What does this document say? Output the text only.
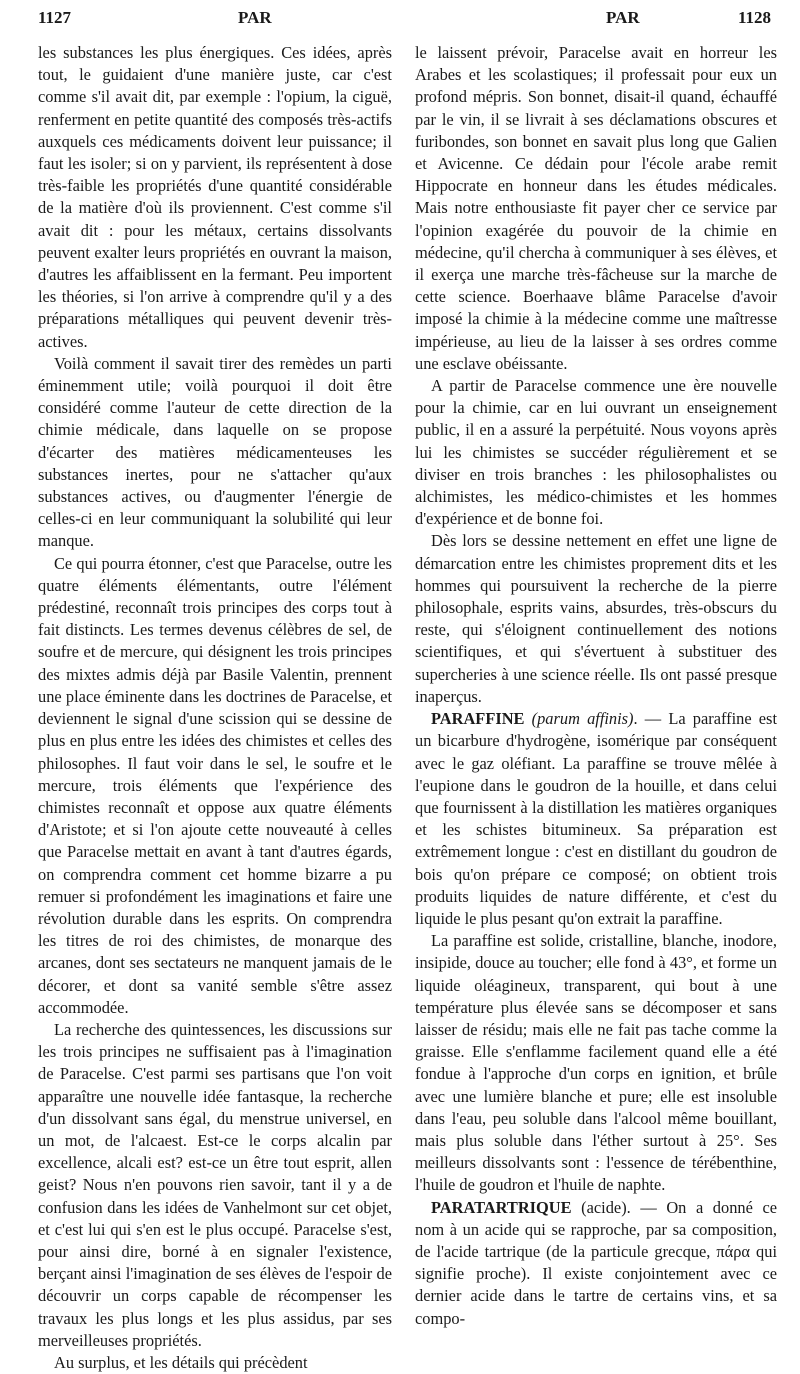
1127	PAR	PAR	1128

les substances les plus énergiques. Ces idées, après tout, le guidaient d'une manière juste, car c'est comme s'il avait dit, par exemple : l'opium, la ciguë, renferment en petite quantité des composés très-actifs auxquels ces médicaments doivent leur puissance; il faut les isoler; si on y parvient, ils représentent à dose très-faible les propriétés d'une quantité considérable de la matière d'où ils proviennent. C'est comme s'il avait dit : pour les métaux, certains dissolvants peuvent exalter leurs propriétés en ouvrant la maison, d'autres les affaiblissent en la fermant. Peu importent les théories, si l'on arrive à comprendre qu'il y a des préparations métalliques qui peuvent devenir très-actives.

Voilà comment il savait tirer des remèdes un parti éminemment utile; voilà pourquoi il doit être considéré comme l'auteur de cette direction de la chimie médicale, dans laquelle on se propose d'écarter des matières médicamenteuses les substances inertes, pour ne s'attacher qu'aux substances actives, ou d'augmenter l'énergie de celles-ci en leur communiquant la solubilité qui leur manque.

Ce qui pourra étonner, c'est que Paracelse, outre les quatre éléments élémentants, outre l'élément prédestiné, reconnaît trois principes des corps tout à fait distincts. Les termes devenus célèbres de sel, de soufre et de mercure, qui désignent les trois principes des mixtes admis déjà par Basile Valentin, prennent une place éminente dans les doctrines de Paracelse, et deviennent le signal d'une scission qui se dessine de plus en plus entre les idées des chimistes et celles des philosophes. Il faut voir dans le sel, le soufre et le mercure, trois éléments que l'expérience des chimistes reconnaît et oppose aux quatre éléments d'Aristote; et si l'on ajoute cette nouveauté à celles que Paracelse mettait en avant à tant d'autres égards, on comprendra comment cet homme bizarre a pu remuer si profondément les imaginations et faire une révolution durable dans les esprits. On comprendra les titres de roi des chimistes, de monarque des arcanes, dont ses sectateurs ne manquent jamais de le décorer, et dont sa vanité semble s'être assez accommodée.

La recherche des quintessences, les discussions sur les trois principes ne suffisaient pas à l'imagination de Paracelse. C'est parmi ses partisans que l'on voit apparaître une nouvelle idée fantasque, la recherche d'un dissolvant sans égal, du menstrue universel, en un mot, de l'alcaest. Est-ce le corps alcalin par excellence, alcali est? est-ce un être tout esprit, allen geist? Nous n'en pouvons rien savoir, tant il y a de confusion dans les idées de Vanhelmont sur cet objet, et c'est lui qui s'en est le plus occupé. Paracelse s'est, pour ainsi dire, borné à en signaler l'existence, berçant ainsi l'imagination de ses élèves de l'espoir de découvrir un corps capable de récompenser les travaux les plus longs et les plus assidus, par ses merveilleuses propriétés.

Au surplus, et les détails qui précèdent

le laissent prévoir, Paracelse avait en horreur les Arabes et les scolastiques; il professait pour eux un profond mépris. Son bonnet, disait-il quand, échauffé par le vin, il se livrait à ses déclamations obscures et furibondes, son bonnet en savait plus long que Galien et Avicenne. Ce dédain pour l'école arabe remit Hippocrate en honneur dans les études médicales. Mais notre enthousiaste fit payer cher ce service par l'opinion exagérée du pouvoir de la chimie en médecine, qu'il chercha à communiquer à ses élèves, et il exerça une marche très-fâcheuse sur la marche de cette science. Boerhaave blâme Paracelse d'avoir imposé la chimie à la médecine comme une maîtresse impérieuse, au lieu de la laisser à ses ordres comme une esclave obéissante.

A partir de Paracelse commence une ère nouvelle pour la chimie, car en lui ouvrant un enseignement public, il en a assuré la perpétuité. Nous voyons après lui les chimistes se succéder régulièrement et se diviser en trois branches : les philosophalistes ou alchimistes, les médico-chimistes et les hommes d'expérience et de bonne foi.

Dès lors se dessine nettement en effet une ligne de démarcation entre les chimistes proprement dits et les hommes qui poursuivent la recherche de la pierre philosophale, esprits vains, absurdes, très-obscurs du reste, qui s'éloignent continuellement des notions scientifiques, et qui s'évertuent à substituer des supercheries à une science réelle. Ils ont passé presque inaperçus.

PARAFFINE (parum affinis). — La paraffine est un bicarbure d'hydrogène, isomérique par conséquent avec le gaz oléfiant. La paraffine se trouve mêlée à l'eupione dans le goudron de la houille, et dans celui que fournissent à la distillation les matières organiques et les schistes bitumineux. Sa préparation est extrêmement longue : c'est en distillant du goudron de bois qu'on prépare ce composé; on obtient trois produits liquides de nature différente, et c'est du liquide le plus pesant qu'on extrait la paraffine.

La paraffine est solide, cristalline, blanche, inodore, insipide, douce au toucher; elle fond à 43°, et forme un liquide oléagineux, transparent, qui bout à une température plus élevée sans se décomposer et sans laisser de résidu; mais elle ne fait pas tache comme la graisse. Elle s'enflamme facilement quand elle a été fondue à l'approche d'un corps en ignition, et brûle avec une lumière blanche et pure; elle est insoluble dans l'eau, peu soluble dans l'alcool même bouillant, mais plus soluble dans l'éther surtout à 25°. Ses meilleurs dissolvants sont : l'essence de térébenthine, l'huile de goudron et l'huile de naphte.

PARATARTRIQUE (acide). — On a donné ce nom à un acide qui se rapproche, par sa composition, de l'acide tartrique (de la particule grecque, πάρα qui signifie proche). Il existe conjointement avec ce dernier acide dans le tartre de certains vins, et sa compo-
